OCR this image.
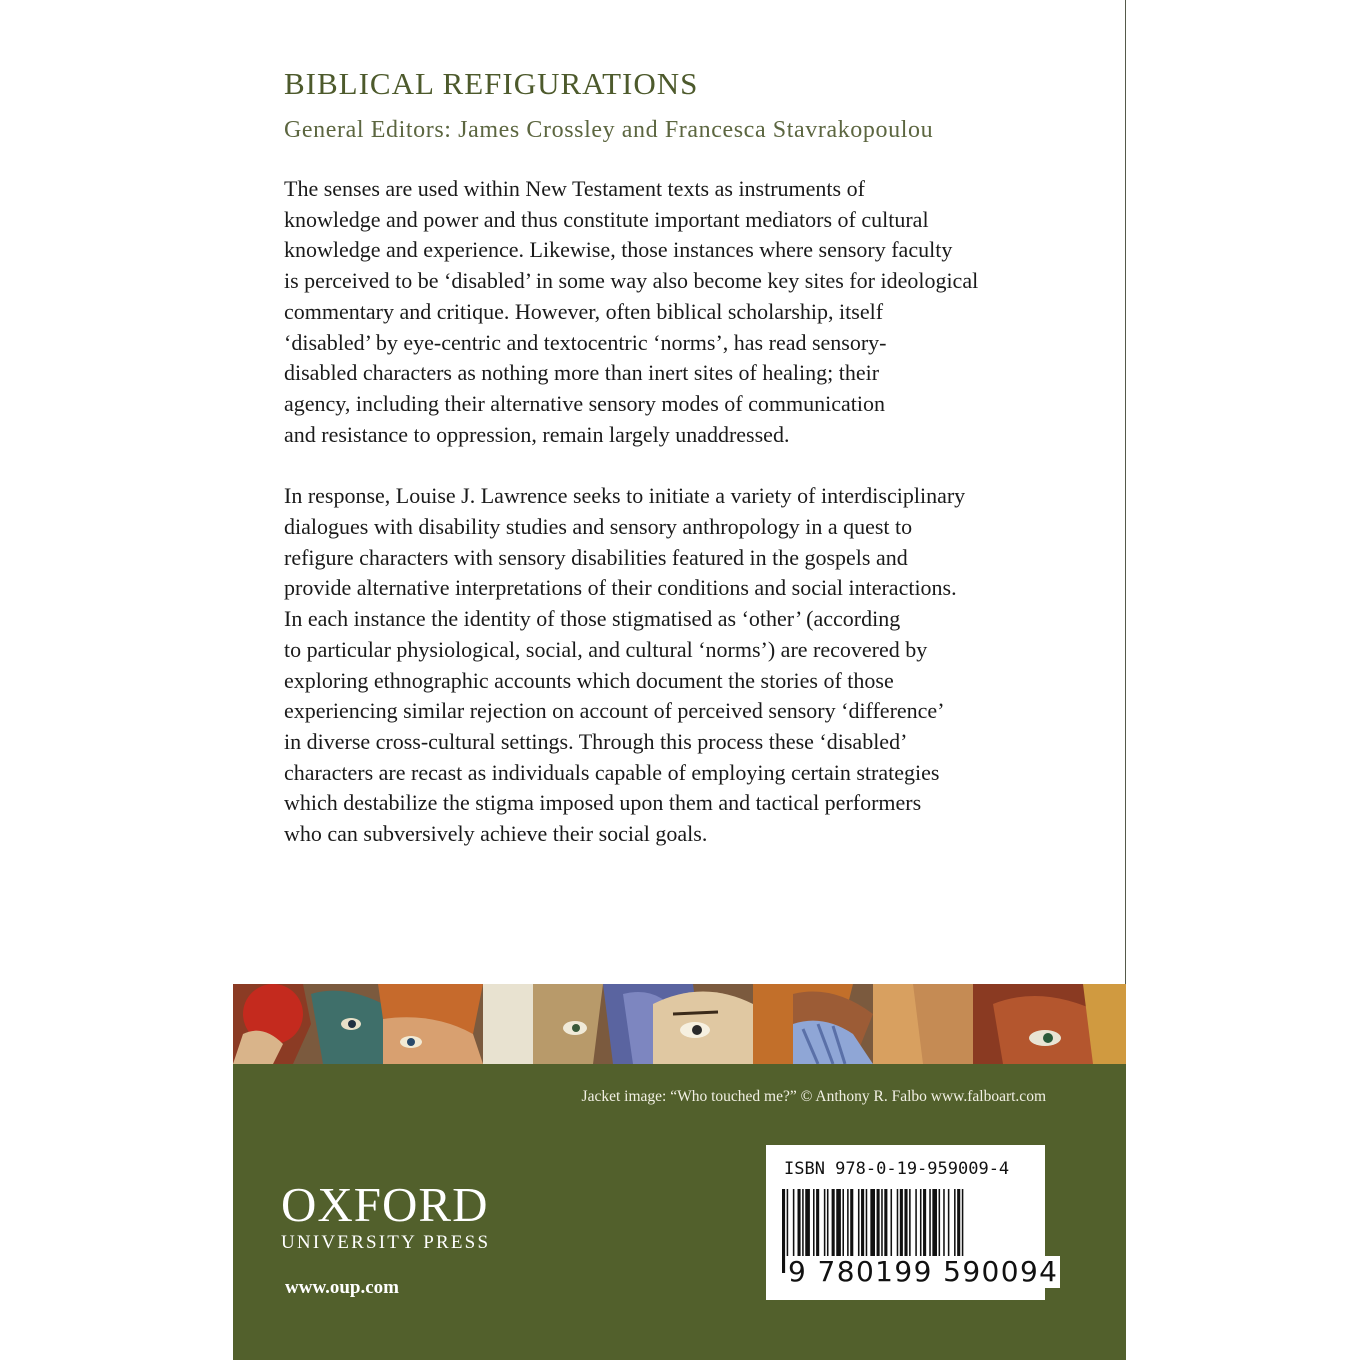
BIBLICAL REFIGURATIONS

General Editors: James Crossley and Francesca Stavrakopoulou

The senses are used within New Testament texts as instruments of
knowledge and power and thus constitute important mediators of cultural
knowledge and experience. Likewise, those instances where sensory faculty
is perceived to be ‘disabled’ in some way also become key sites for ideological
commentary and critique. However, often biblical scholarship, itself
‘disabled’ by eye-centric and textocentric ‘norms’, has read sensory-
disabled characters as nothing more than inert sites of healing; their
agency, including their alternative sensory modes of communication
and resistance to oppression, remain largely unaddressed.

In response, Louise J. Lawrence seeks to initiate a variety of interdisciplinary
dialogues with disability studies and sensory anthropology in a quest to
refigure characters with sensory disabilities featured in the gospels and
provide alternative interpretations of their conditions and social interactions.
In each instance the identity of those stigmatised as ‘other’ (according
to particular physiological, social, and cultural ‘norms’) are recovered by
exploring ethnographic accounts which document the stories of those
experiencing similar rejection on account of perceived sensory ‘difference’
in diverse cross-cultural settings. Through this process these ‘disabled’
characters are recast as individuals capable of employing certain strategies
which destabilize the stigma imposed upon them and tactical performers
who can subversively achieve their social goals.

Jacket image: “Who touched me?” © Anthony R. Falbo www.falboart.com
OXFORD
UNIVERSITY PRESS
www.oup.com
ISBN 978-0-19-959009-4
9 780199 590094
